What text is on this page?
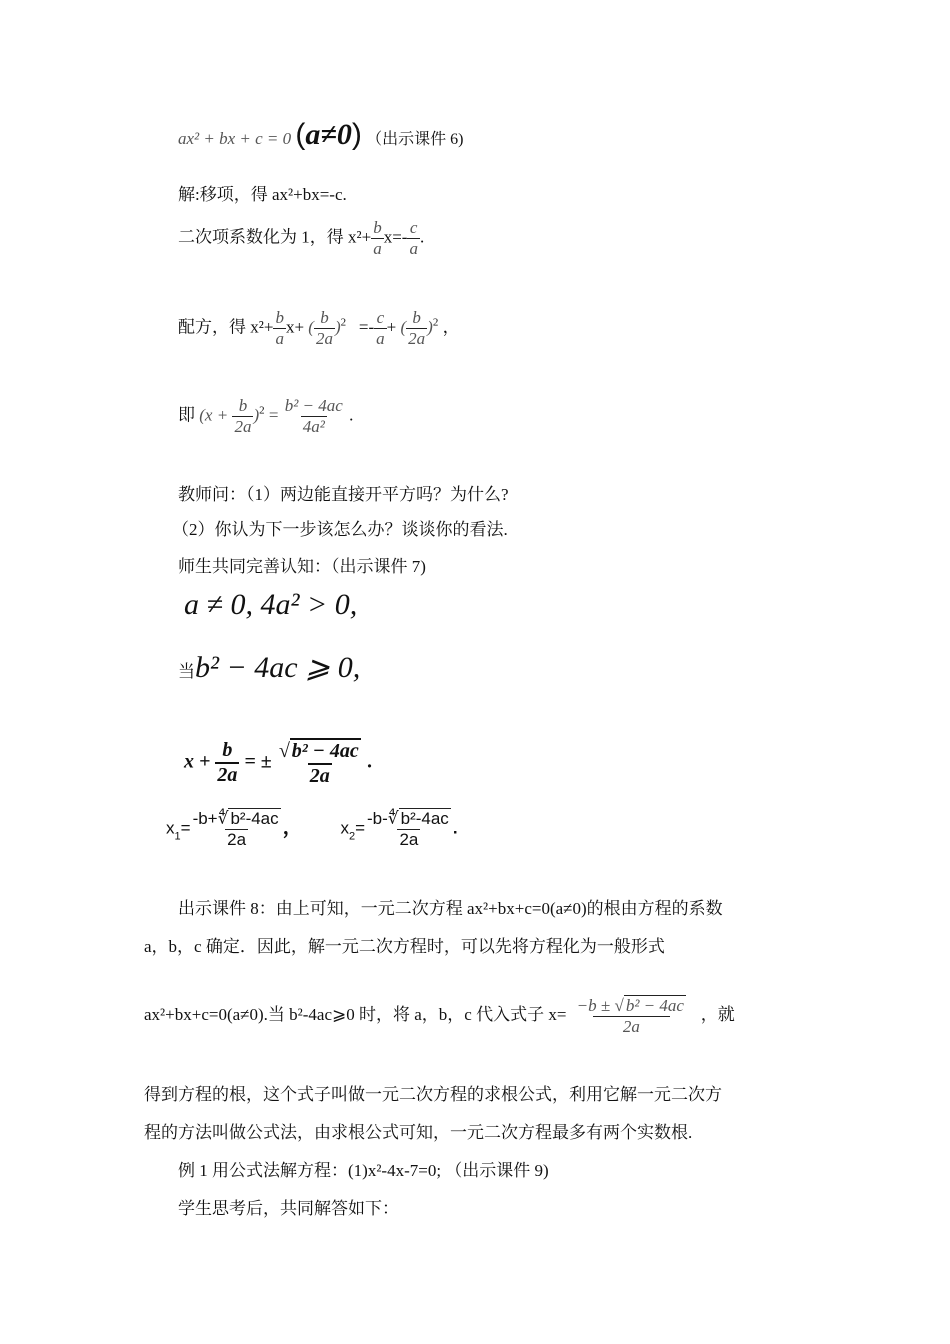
ax² + bx + c = 0 (a≠0) （出示课件 6)
解:移项，得 ax²+bx=-c.
二次项系数化为 1，得 $x^2+ \frac{b}{a} x=- \frac{c}{a}$ .
配方，得 $x^2+ \frac{b}{a} x+$ ( $\frac{b}{2a} )^2 =- \frac{c}{a}$ + ( $\frac{b}{2a} )^2$ ，
即 $(x + \frac{b}{2a} )^2 = \frac{\text{b² − 4ac}}{\text{4a²}}$ .
教师问：（1）两边能直接开平方吗？为什么?
（2）你认为下一步该怎么办？谈谈你的看法.
师生共同完善认知：（出示课件 7)
a ≠ 0, 4a² > 0,
当b² − 4ac ⩾ 0,
$x + \frac{b}{2a}$ = ± $\frac{\text{√ b² − 4ac}}{2a}$ .
$x_1= \frac{\text{-b+∜ b²-4ac}}{2a}$ ， $x_2= \frac{\text{-b-∜ b²-4ac}}{2a}$ .
出示课件 8：由上可知，一元二次方程 ax²+bx+c=0(a≠0)的根由方程的系数
a，b，c 确定．因此，解一元二次方程时，可以先将方程化为一般形式
ax²+bx+c=0(a≠0).当 b²-4ac⩾0 时，将 a，b，c 代入式子 $x= \frac{\text{−b ± √ b² − 4ac}}{2a}$ ，就
得到方程的根，这个式子叫做一元二次方程的求根公式，利用它解一元二次方
程的方法叫做公式法，由求根公式可知，一元二次方程最多有两个实数根.
例 1 用公式法解方程：(1)x²-4x-7=0; （出示课件 9)
学生思考后，共同解答如下：
